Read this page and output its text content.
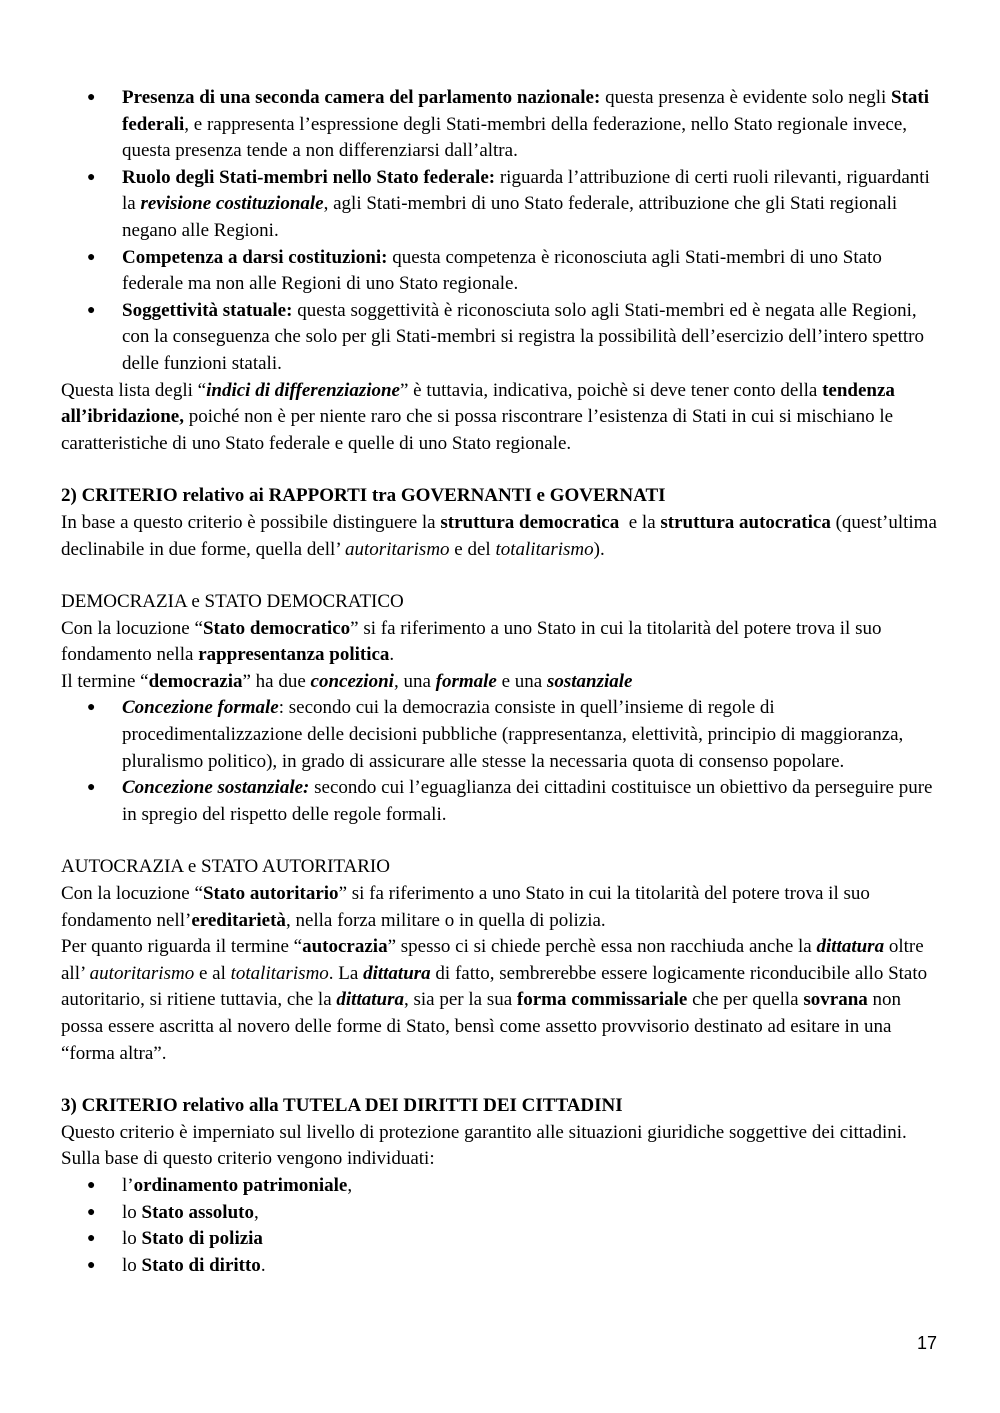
● Presenza di una seconda camera del parlamento nazionale: questa presenza è evidente solo negli Stati federali, e rappresenta l’espressione degli Stati-membri della federazione, nello Stato regionale invece, questa presenza tende a non differenziarsi dall’altra.
● Ruolo degli Stati-membri nello Stato federale: riguarda l’attribuzione di certi ruoli rilevanti, riguardanti la revisione costituzionale, agli Stati-membri di uno Stato federale, attribuzione che gli Stati regionali negano alle Regioni.
● Competenza a darsi costituzioni: questa competenza è riconosciuta agli Stati-membri di uno Stato federale ma non alle Regioni di uno Stato regionale.
● Soggettività statuale: questa soggettività è riconosciuta solo agli Stati-membri ed è negata alle Regioni, con la conseguenza che solo per gli Stati-membri si registra la possibilità dell’esercizio dell’intero spettro delle funzioni statali.

Questa lista degli “indici di differenziazione” è tuttavia, indicativa, poichè si deve tener conto della tendenza all’ibridazione, poiché non è per niente raro che si possa riscontrare l’esistenza di Stati in cui si mischiano le caratteristiche di uno Stato federale e quelle di uno Stato regionale.

2) CRITERIO relativo ai RAPPORTI tra GOVERNANTI e GOVERNATI

In base a questo criterio è possibile distinguere la struttura democratica  e la struttura autocratica (quest’ultima declinabile in due forme, quella dell’ autoritarismo e del totalitarismo).

DEMOCRAZIA e STATO DEMOCRATICO

Con la locuzione “Stato democratico” si fa riferimento a uno Stato in cui la titolarità del potere trova il suo fondamento nella rappresentanza politica.

Il termine “democrazia” ha due concezioni, una formale e una sostanziale

● Concezione formale: secondo cui la democrazia consiste in quell’insieme di regole di procedimentalizzazione delle decisioni pubbliche (rappresentanza, elettività, principio di maggioranza, pluralismo politico), in grado di assicurare alle stesse la necessaria quota di consenso popolare.
● Concezione sostanziale: secondo cui l’eguaglianza dei cittadini costituisce un obiettivo da perseguire pure in spregio del rispetto delle regole formali.

AUTOCRAZIA e STATO AUTORITARIO

Con la locuzione “Stato autoritario” si fa riferimento a uno Stato in cui la titolarità del potere trova il suo fondamento nell’ereditarietà, nella forza militare o in quella di polizia.

Per quanto riguarda il termine “autocrazia” spesso ci si chiede perchè essa non racchiuda anche la dittatura oltre all’ autoritarismo e al totalitarismo. La dittatura di fatto, sembrerebbe essere logicamente riconducibile allo Stato autoritario, si ritiene tuttavia, che la dittatura, sia per la sua forma commissariale che per quella sovrana non possa essere ascritta al novero delle forme di Stato, bensì come assetto provvisorio destinato ad esitare in una “forma altra”.

3) CRITERIO relativo alla TUTELA DEI DIRITTI DEI CITTADINI

Questo criterio è imperniato sul livello di protezione garantito alle situazioni giuridiche soggettive dei cittadini. Sulla base di questo criterio vengono individuati:

● l’ordinamento patrimoniale,
● lo Stato assoluto,
● lo Stato di polizia
● lo Stato di diritto.
17
